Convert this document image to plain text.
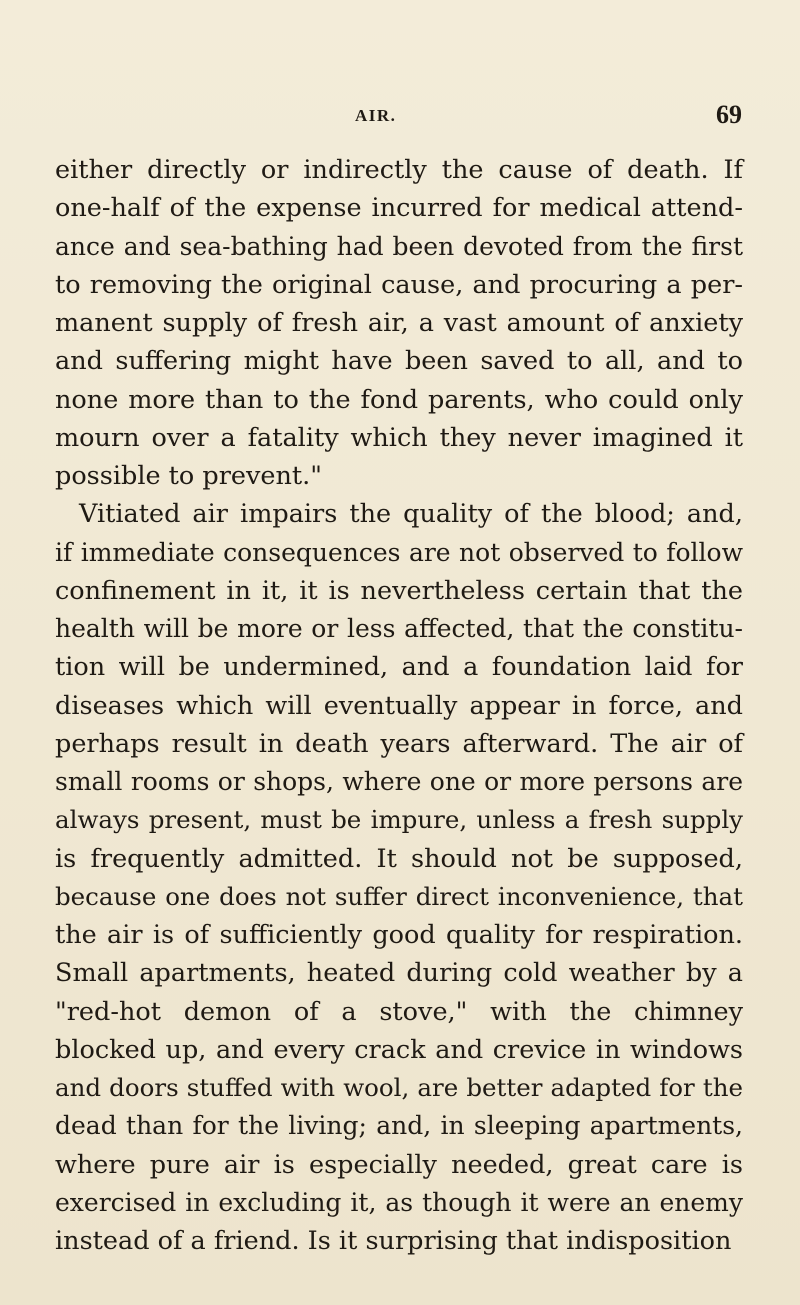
AIR.	69
either directly or indirectly the cause of death. If
one-half of the expense incurred for medical attend-
ance and sea-bathing had been devoted from the first
to removing the original cause, and procuring a per-
manent supply of fresh air, a vast amount of anxiety
and suffering might have been saved to all, and to
none more than to the fond parents, who could only
mourn over a fatality which they never imagined it
possible to prevent."
Vitiated air impairs the quality of the blood; and,
if immediate consequences are not observed to follow
confinement in it, it is nevertheless certain that the
health will be more or less affected, that the constitu-
tion will be undermined, and a foundation laid for
diseases which will eventually appear in force, and
perhaps result in death years afterward. The air of
small rooms or shops, where one or more persons are
always present, must be impure, unless a fresh supply
is frequently admitted. It should not be supposed,
because one does not suffer direct inconvenience, that
the air is of sufficiently good quality for respiration.
Small apartments, heated during cold weather by a
"red-hot demon of a stove," with the chimney
blocked up, and every crack and crevice in windows
and doors stuffed with wool, are better adapted for the
dead than for the living; and, in sleeping apartments,
where pure air is especially needed, great care is
exercised in excluding it, as though it were an enemy
instead of a friend. Is it surprising that indisposition
